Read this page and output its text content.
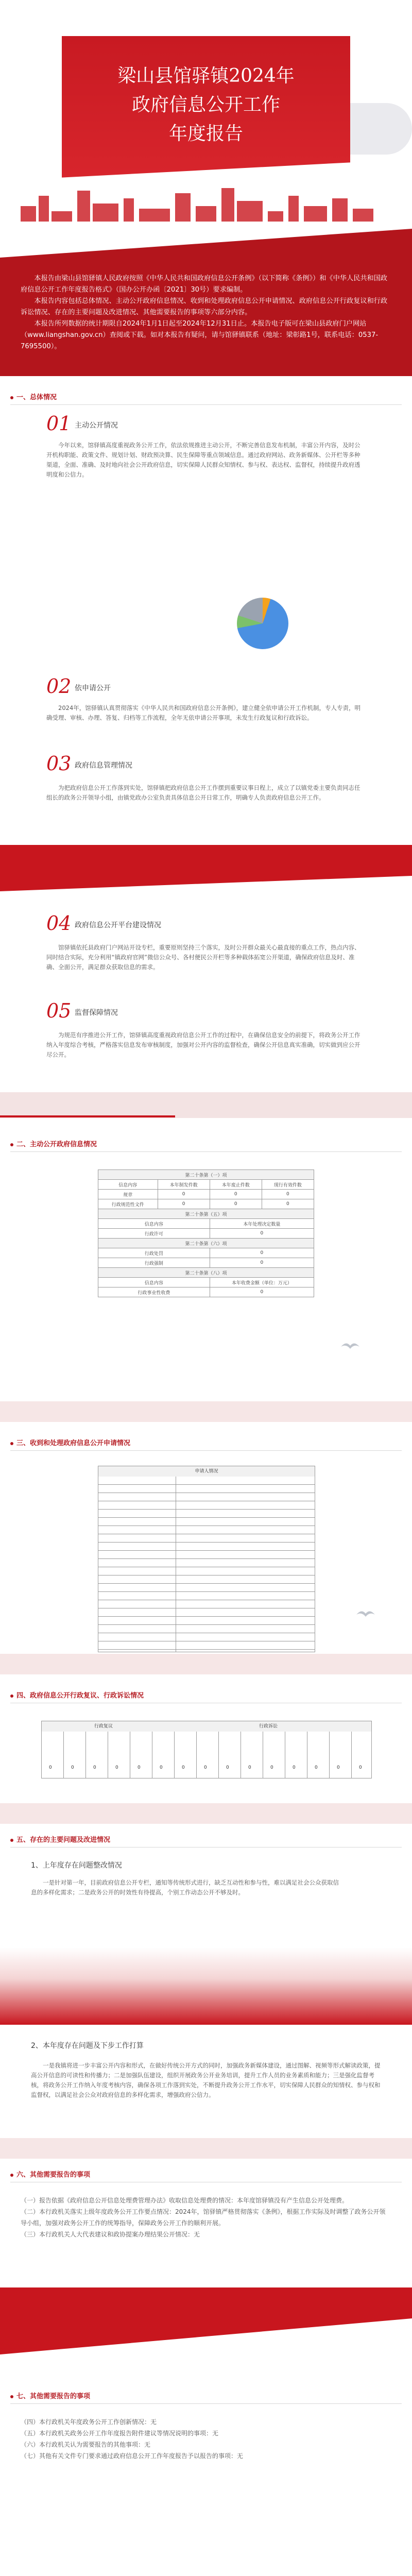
梁山县馆驿镇2024年
政府信息公开工作
年度报告

本报告由梁山县馆驿镇人民政府按照《中华人民共和国政府信息公开条例》（以下简称《条例》）和《中华人民共和国政府信息公开工作年度报告格式》（国办公开办函〔2021〕30号）要求编制。

本报告内容包括总体情况、主动公开政府信息情况、收到和处理政府信息公开申请情况、政府信息公开行政复议和行政诉讼情况、存在的主要问题及改进情况、其他需要报告的事项等六部分内容。

本报告所列数据的统计期限自2024年1月1日起至2024年12月31日止。本报告电子版可在梁山县政府门户网站（www.liangshan.gov.cn）查阅或下载。如对本报告有疑问，请与馆驿镇联系（地址：梁彰路1号，联系电话：0537-7695500）。

一、总体情况
01 主动公开情况
今年以来，馆驿镇高度重视政务公开工作，依法依规推进主动公开，不断完善信息发布机制，丰富公开内容，及时公开机构职能、政策文件、规划计划、财政预决算、民生保障等重点领域信息。通过政府网站、政务新媒体、公开栏等多种渠道，全面、准确、及时地向社会公开政府信息，切实保障人民群众知情权、参与权、表达权、监督权，持续提升政府透明度和公信力。
02 依申请公开
2024年，馆驿镇认真贯彻落实《中华人民共和国政府信息公开条例》，建立健全依申请公开工作机制，专人专责，明确受理、审核、办理、答复、归档等工作流程，全年无依申请公开事项，未发生行政复议和行政诉讼。
03 政府信息管理情况
为把政府信息公开工作落到实处，馆驿镇把政府信息公开工作摆到重要议事日程上，成立了以镇党委主要负责同志任组长的政务公开领导小组，由镇党政办公室负责具体信息公开日常工作，明确专人负责政府信息公开工作。
04 政府信息公开平台建设情况
馆驿镇依托县政府门户网站开设专栏，重要原则坚持三个落实，及时公开群众最关心最直接的重点工作，热点内容、同时结合实际，充分利用“镇政府官网”微信公众号、各村便民公开栏等多种载体拓宽公开渠道，确保政府信息及时、准确、全面公开，满足群众获取信息的需求。
05 监督保障情况
为规范有序推进公开工作，馆驿镇高度重视政府信息公开工作的过程中，在确保信息安全的前提下，将政务公开工作纳入年度综合考核，严格落实信息发布审核制度，加强对公开内容的监督检查，确保公开信息真实准确，切实做到应公开尽公开。
二、主动公开政府信息情况
第二十条第（一）项			
信息内容	本年制发件数	本年废止件数	现行有效件数
规章	0	0	0
行政规范性文件	0	0	0
第二十条第（五）项			
信息内容		本年处理决定数量	
行政许可		0	
第二十条第（六）项			
行政处罚		0	
行政强制		0	
第二十条第（八）项			
信息内容		本年收费金额（单位：万元）	
行政事业性收费		0	
三、收到和处理政府信息公开申请情况
申请人情况
四、政府信息公开行政复议、行政诉讼情况
行政复议	行政诉讼
0	0	0	0	0	0	0	0	0	0	0	0	0	0	0
五、存在的主要问题及改进情况
1、上年度存在问题整改情况
一是针对第一年，目前政府信息公开专栏，通知等传统形式进行，缺乏互动性和参与性，难以满足社会公众获取信息的多样化需求；二是政务公开的时效性有待提高，个别工作动态公开不够及时。
2、本年度存在问题及下步工作打算
一是我镇将进一步丰富公开内容和形式，在做好传统公开方式的同时，加强政务新媒体建设，通过图解、视频等形式解读政策，提高公开信息的可读性和传播力；二是加强队伍建设，组织开展政务公开业务培训，提升工作人员的业务素质和能力；三是强化监督考核，将政务公开工作纳入年度考核内容，确保各项工作落到实处，不断提升政务公开工作水平，切实保障人民群众的知情权、参与权和监督权，以满足社会公众对政府信息的多样化需求，增强政府公信力。
六、其他需要报告的事项

（一）报告依据《政府信息公开信息处理费管理办法》收取信息处理费的情况：本年度馆驿镇没有产生信息公开处理费。

（二）本行政机关落实上级年度政务公开工作要点情况：2024年，馆驿镇严格贯彻落实《条例》，根据工作实际及时调整了政务公开领导小组，加强对政务公开工作的统筹指导，保障政务公开工作的顺利开展。

（三）本行政机关人大代表建议和政协提案办理结果公开情况：无

七、其他需要报告的事项

（四）本行政机关年度政务公开工作创新情况：无

（五）本行政机关政务公开工作年度报告附件建议等情况说明的事项：无

（六）本行政机关认为需要报告的其他事项：无

（七）其他有关文件专门要求通过政府信息公开工作年度报告予以报告的事项：无
